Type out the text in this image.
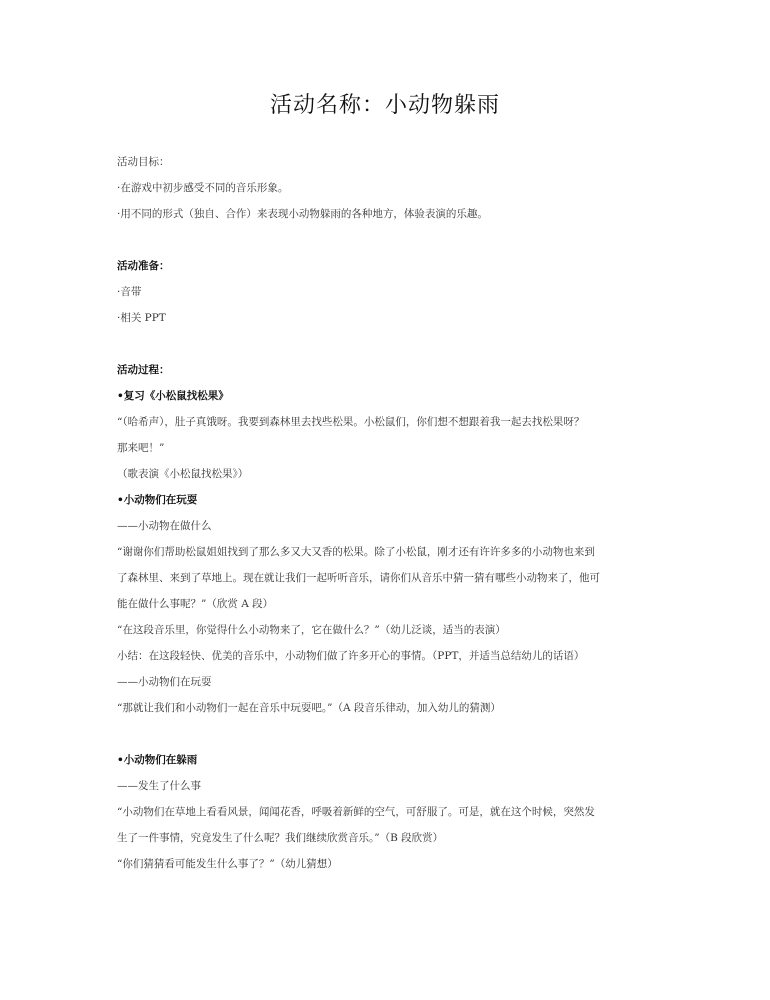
活动名称：小动物躲雨
活动目标：
·在游戏中初步感受不同的音乐形象。
·用不同的形式（独自、合作）来表现小动物躲雨的各种地方，体验表演的乐趣。
活动准备：
·音带
·相关 PPT
活动过程：
•复习《小松鼠找松果》
“（哈希声），肚子真饿呀。我要到森林里去找些松果。小松鼠们，你们想不想跟着我一起去找松果呀？
那来吧！”
（歌表演《小松鼠找松果》）
•小动物们在玩耍
——小动物在做什么
“谢谢你们帮助松鼠姐姐找到了那么多又大又香的松果。除了小松鼠，刚才还有许许多多的小动物也来到
了森林里、来到了草地上。现在就让我们一起听听音乐，请你们从音乐中猜一猜有哪些小动物来了，他可
能在做什么事呢？”（欣赏 A 段）
“在这段音乐里，你觉得什么小动物来了，它在做什么？”（幼儿泛谈，适当的表演）
小结：在这段轻快、优美的音乐中，小动物们做了许多开心的事情。（PPT，并适当总结幼儿的话语）
——小动物们在玩耍
“那就让我们和小动物们一起在音乐中玩耍吧。”（A 段音乐律动，加入幼儿的猜测）
•小动物们在躲雨
——发生了什么事
“小动物们在草地上看看风景，闻闻花香，呼吸着新鲜的空气，可舒服了。可是，就在这个时候，突然发
生了一件事情，究竟发生了什么呢？我们继续欣赏音乐。”（B 段欣赏）
“你们猜猜看可能发生什么事了？”（幼儿猜想）
